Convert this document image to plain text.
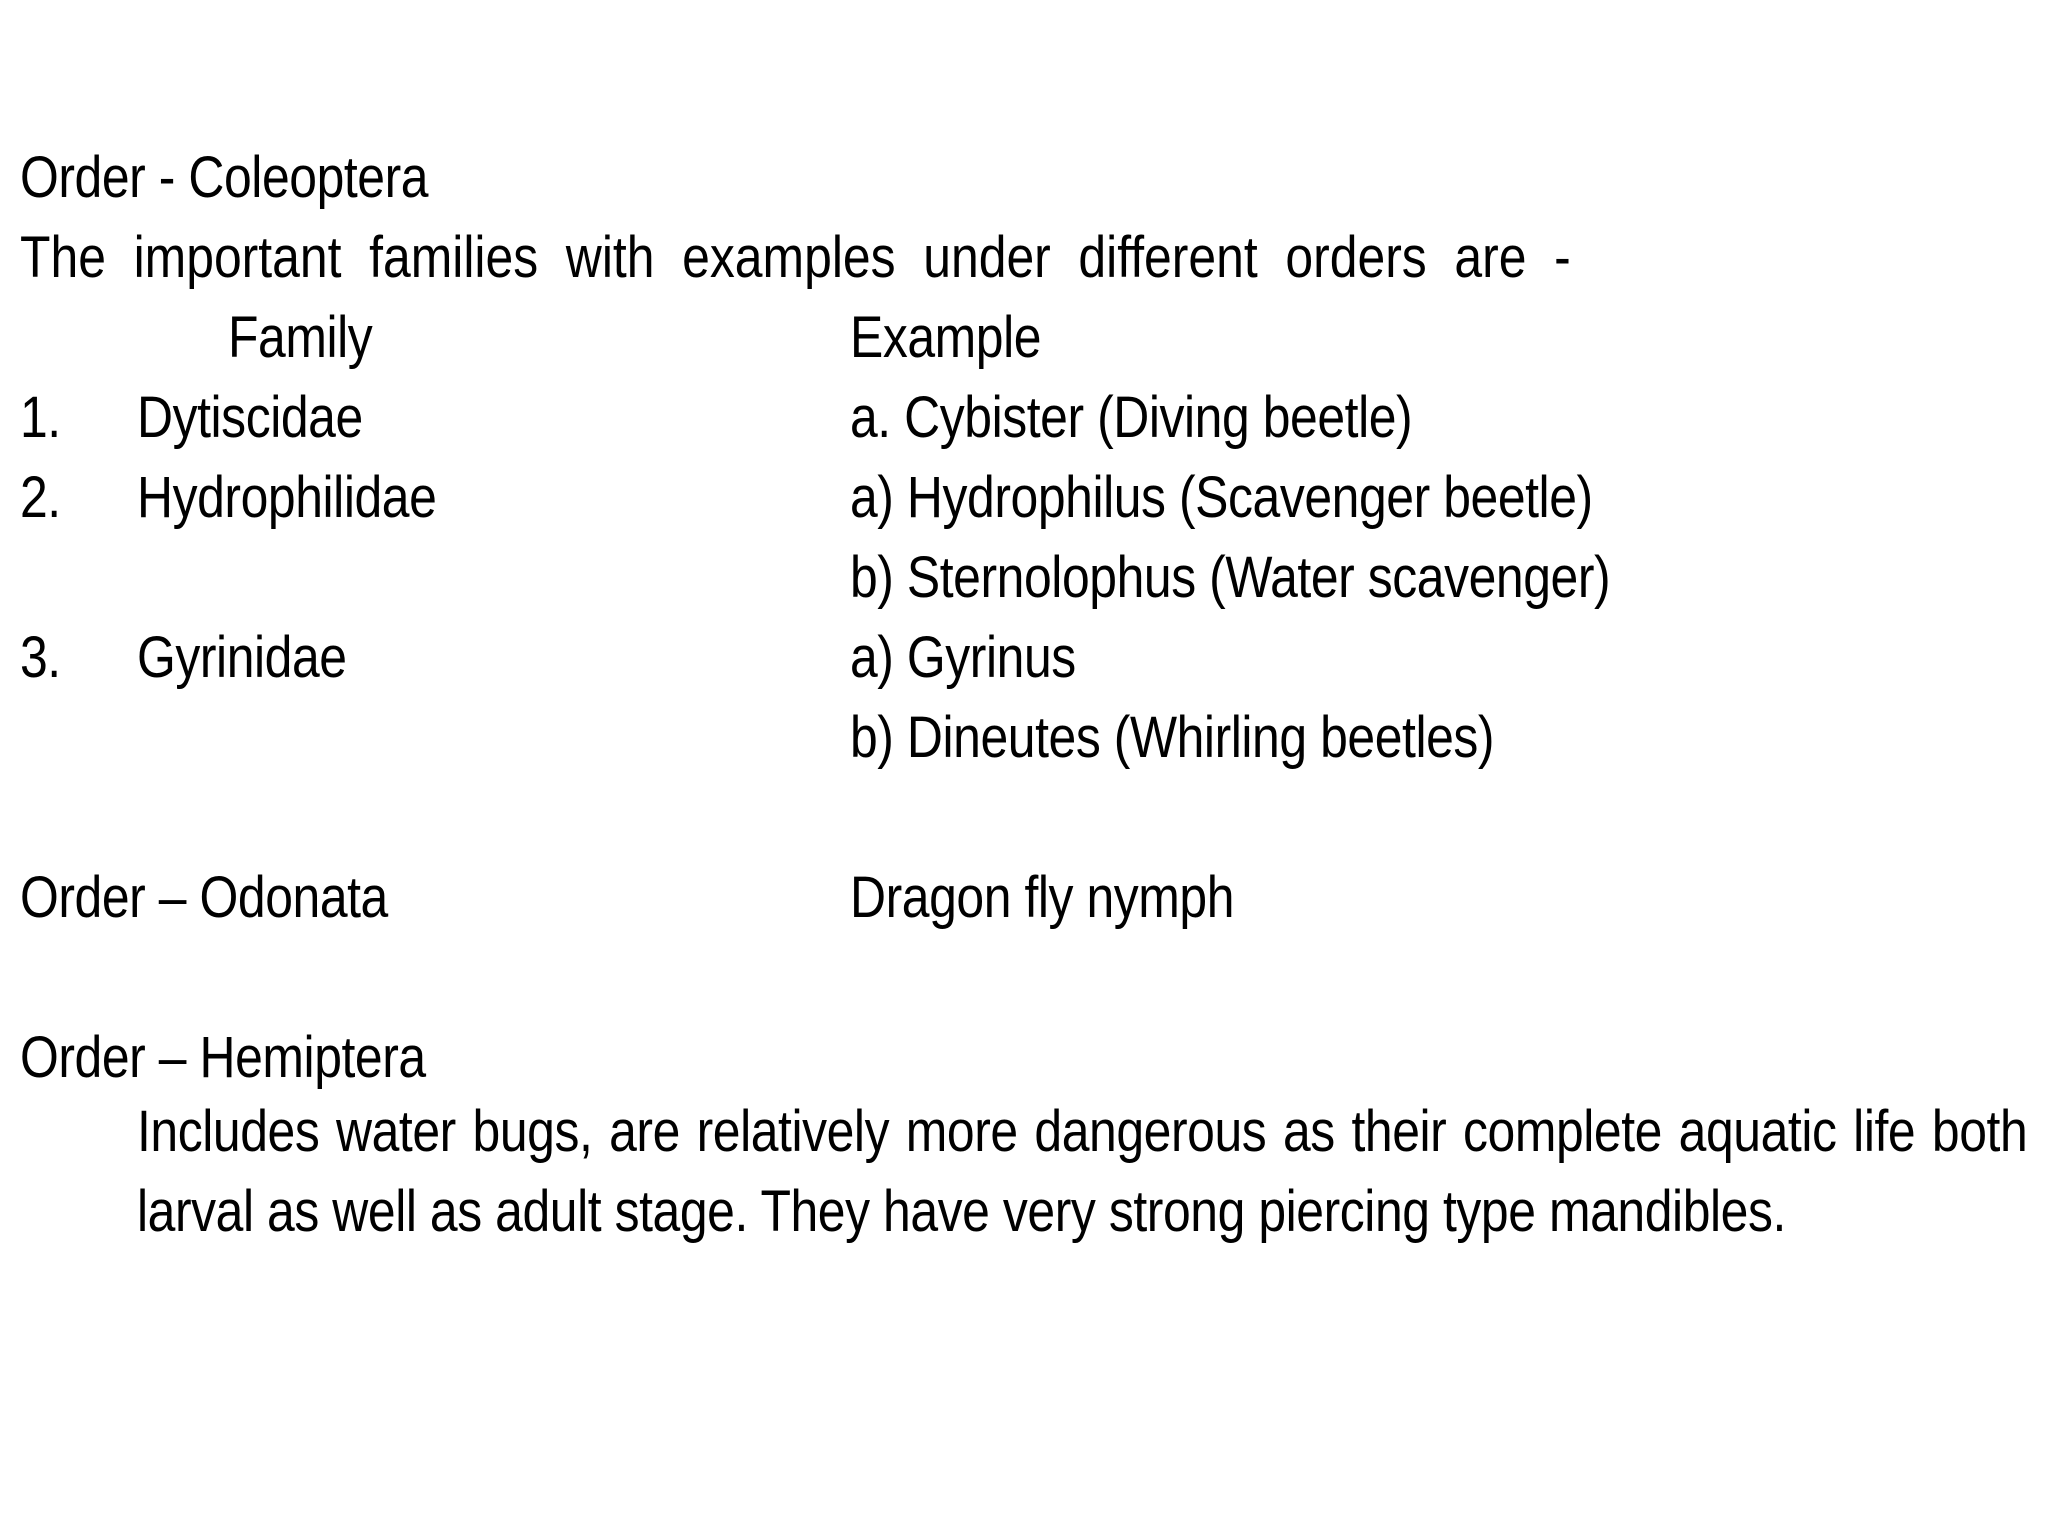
Order - Coleoptera
The important families with examples under different orders are -
Family	Example
1. Dytiscidae	a. Cybister (Diving beetle)
2. Hydrophilidae	a) Hydrophilus (Scavenger beetle)
b) Sternolophus (Water scavenger)
3. Gyrinidae	a) Gyrinus
b) Dineutes (Whirling beetles)
Order – Odonata	Dragon fly nymph
Order – Hemiptera
Includes water bugs, are relatively more dangerous as their complete aquatic life both larval as well as adult stage. They have very strong piercing type mandibles.
